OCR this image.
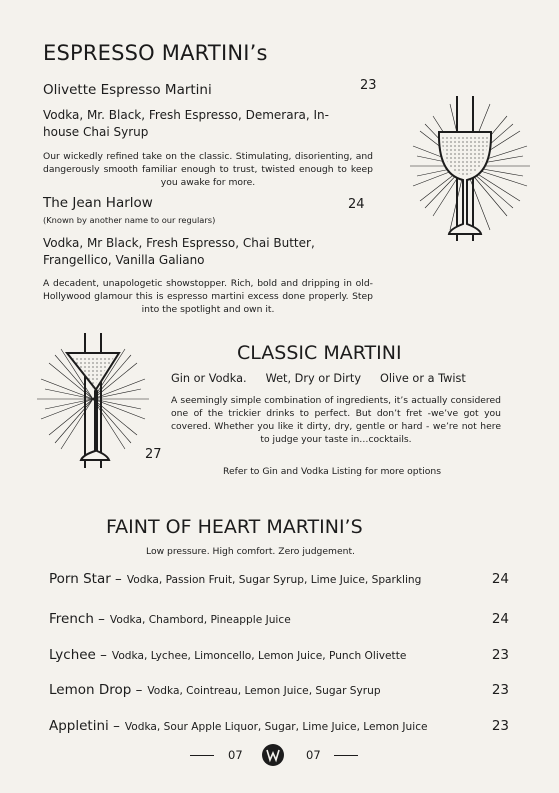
ESPRESSO MARTINI’s
Olivette Espresso Martini	23
Vodka, Mr. Black, Fresh Espresso, Demerara, In-house Chai Syrup
Our wickedly refined take on the classic. Stimulating, disorienting, and dangerously smooth familiar enough to trust, twisted enough to keep you awake for more.
The Jean Harlow	24
(Known by another name to our regulars)
Vodka, Mr Black, Fresh Espresso, Chai Butter, Frangellico, Vanilla Galiano
A decadent, unapologetic showstopper. Rich, bold and dripping in old-Hollywood glamour this is espresso martini excess done properly. Step into the spotlight and own it.
CLASSIC MARTINI
Gin or Vodka. Wet, Dry or Dirty Olive or a Twist
A seemingly simple combination of ingredients, it’s actually considered one of the trickier drinks to perfect. But don’t fret -we’ve got you covered. Whether you like it dirty, dry, gentle or hard - we’re not here to judge your taste in…cocktails.
27
Refer to Gin and Vodka Listing for more options
FAINT OF HEART MARTINI’S
Low pressure. High comfort. Zero judgement.
Porn Star – Vodka, Passion Fruit, Sugar Syrup, Lime Juice, Sparkling	24
French – Vodka, Chambord, Pineapple Juice	24
Lychee – Vodka, Lychee, Limoncello, Lemon Juice, Punch Olivette	23
Lemon Drop – Vodka, Cointreau, Lemon Juice, Sugar Syrup	23
Appletini – Vodka, Sour Apple Liquor, Sugar, Lime Juice, Lemon Juice	23
07	07
